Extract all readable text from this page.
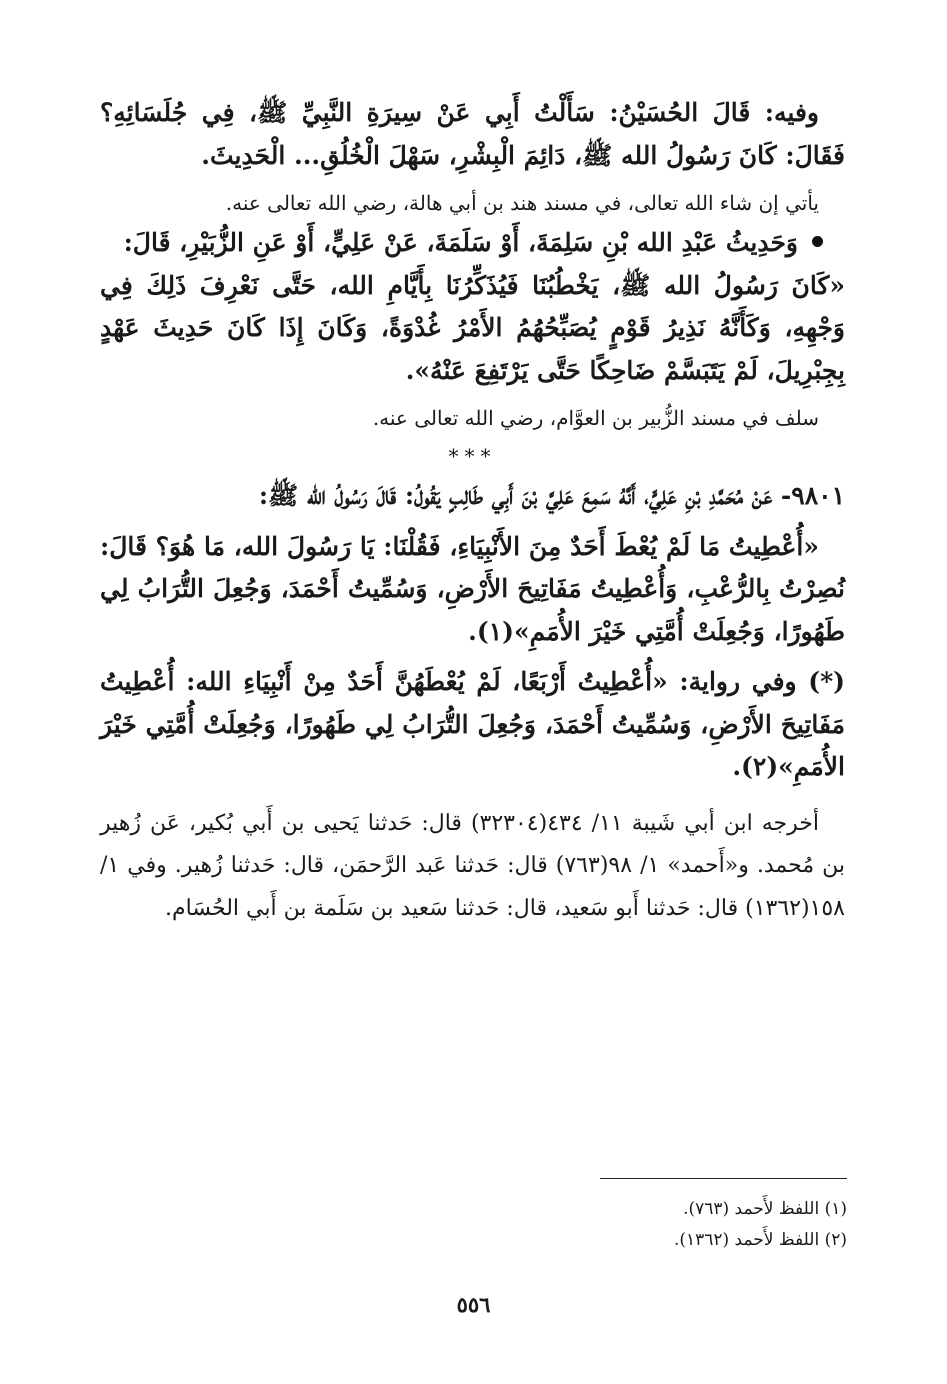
وفيه: قَالَ الحُسَيْنُ: سَأَلْتُ أَبِي عَنْ سِيرَةِ النَّبِيِّ ﷺ، فِي جُلَسَائِهِ؟ فَقَالَ: كَانَ رَسُولُ الله ﷺ، دَائِمَ الْبِشْرِ، سَهْلَ الْخُلُقِ... الْحَدِيثَ.

يأتي إن شاء الله تعالى، في مسند هند بن أبي هالة، رضي الله تعالى عنه.

وَحَدِيثُ عَبْدِ الله بْنِ سَلِمَةَ، أَوْ سَلَمَةَ، عَنْ عَلِيٍّ، أَوْ عَنِ الزُّبَيْرِ، قَالَ:

«كَانَ رَسُولُ الله ﷺ، يَخْطُبُنَا فَيُذَكِّرُنَا بِأَيَّامِ الله، حَتَّى نَعْرِفَ ذَلِكَ فِي وَجْهِهِ، وَكَأَنَّهُ نَذِيرُ قَوْمٍ يُصَبِّحُهُمُ الأَمْرُ غُدْوَةً، وَكَانَ إِذَا كَانَ حَدِيثَ عَهْدٍ بِجِبْرِيلَ، لَمْ يَتَبَسَّمْ ضَاحِكًا حَتَّى يَرْتَفِعَ عَنْهُ».

سلف في مسند الزُّبير بن العوَّام، رضي الله تعالى عنه.

***

٩٨٠١- عَنْ مُحَمَّدِ بْنِ عَلِيٍّ، أَنَّهُ سَمِعَ عَلِيَّ بْنَ أَبِي طَالِبٍ يَقُولُ: قَالَ رَسُولُ الله ﷺ:

«أُعْطِيتُ مَا لَمْ يُعْطَ أَحَدٌ مِنَ الأَنْبِيَاءِ، فَقُلْنَا: يَا رَسُولَ الله، مَا هُوَ؟ قَالَ: نُصِرْتُ بِالرُّعْبِ، وَأُعْطِيتُ مَفَاتِيحَ الأَرْضِ، وَسُمِّيتُ أَحْمَدَ، وَجُعِلَ التُّرَابُ لِي طَهُورًا، وَجُعِلَتْ أُمَّتِي خَيْرَ الأُمَمِ»(١).

(*) وفي رواية: «أُعْطِيتُ أَرْبَعًا، لَمْ يُعْطَهُنَّ أَحَدٌ مِنْ أَنْبِيَاءِ الله: أُعْطِيتُ مَفَاتِيحَ الأَرْضِ، وَسُمِّيتُ أَحْمَدَ، وَجُعِلَ التُّرَابُ لِي طَهُورًا، وَجُعِلَتْ أُمَّتِي خَيْرَ الأُمَمِ»(٢).

أخرجه ابن أبي شَيبة ١١/ ٤٣٤(٣٢٣٠٤) قال: حَدثنا يَحيى بن أَبي بُكير، عَن زُهير بن مُحمد. و«أَحمد» ١/ ٩٨(٧٦٣) قال: حَدثنا عَبد الرَّحمَن، قال: حَدثنا زُهير. وفي ١/ ١٥٨(١٣٦٢) قال: حَدثنا أَبو سَعيد، قال: حَدثنا سَعيد بن سَلَمة بن أَبي الحُسَام.

(١) اللفظ لأَحمد (٧٦٣).
(٢) اللفظ لأَحمد (١٣٦٢).
٥٥٦
